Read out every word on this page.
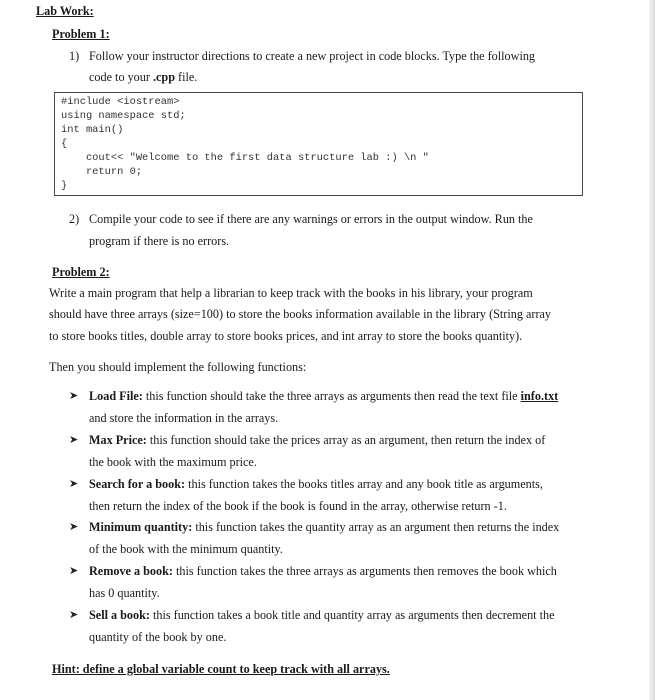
Lab Work:
Problem 1:
1) Follow your instructor directions to create a new project in code blocks. Type the following
code to your .cpp file.
#include <iostream>
using namespace std;
int main()
{
cout<< "Welcome to the first data structure lab :) \n "
return 0;
}
2) Compile your code to see if there are any warnings or errors in the output window. Run the
program if there is no errors.
Problem 2:
Write a main program that help a librarian to keep track with the books in his library, your program
should have three arrays (size=100) to store the books information available in the library (String array
to store books titles, double array to store books prices, and int array to store the books quantity).
Then you should implement the following functions:
➤ Load File: this function should take the three arrays as arguments then read the text file info.txt
and store the information in the arrays.
➤ Max Price: this function should take the prices array as an argument, then return the index of
the book with the maximum price.
➤ Search for a book: this function takes the books titles array and any book title as arguments,
then return the index of the book if the book is found in the array, otherwise return -1.
➤ Minimum quantity: this function takes the quantity array as an argument then returns the index
of the book with the minimum quantity.
➤ Remove a book: this function takes the three arrays as arguments then removes the book which
has 0 quantity.
➤ Sell a book: this function takes a book title and quantity array as arguments then decrement the
quantity of the book by one.
Hint: define a global variable count to keep track with all arrays.
